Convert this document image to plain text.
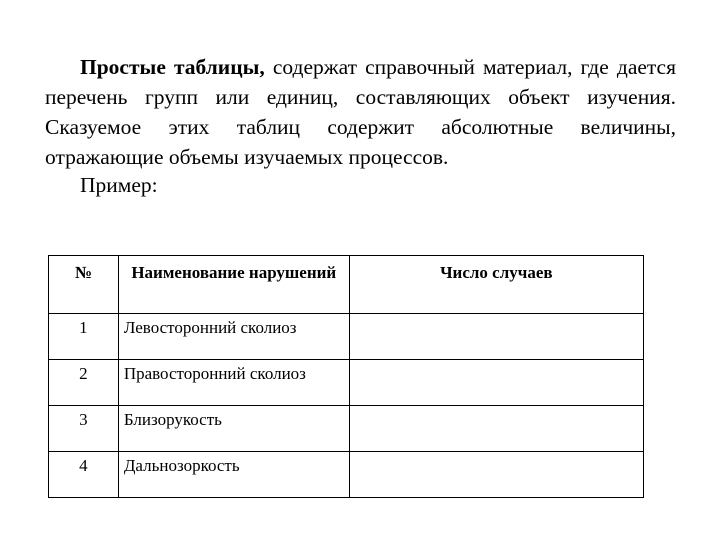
Простые таблицы, содержат справочный материал, где дается перечень групп или единиц, составляющих объект изучения. Сказуемое этих таблиц содержит абсолютные величины, отражающие объемы изучаемых процессов.

Пример:

№	Наименование нарушений	Число случаев
1	Левосторонний сколиоз	
2	Правосторонний сколиоз	
3	Близорукость	
4	Дальнозоркость	
